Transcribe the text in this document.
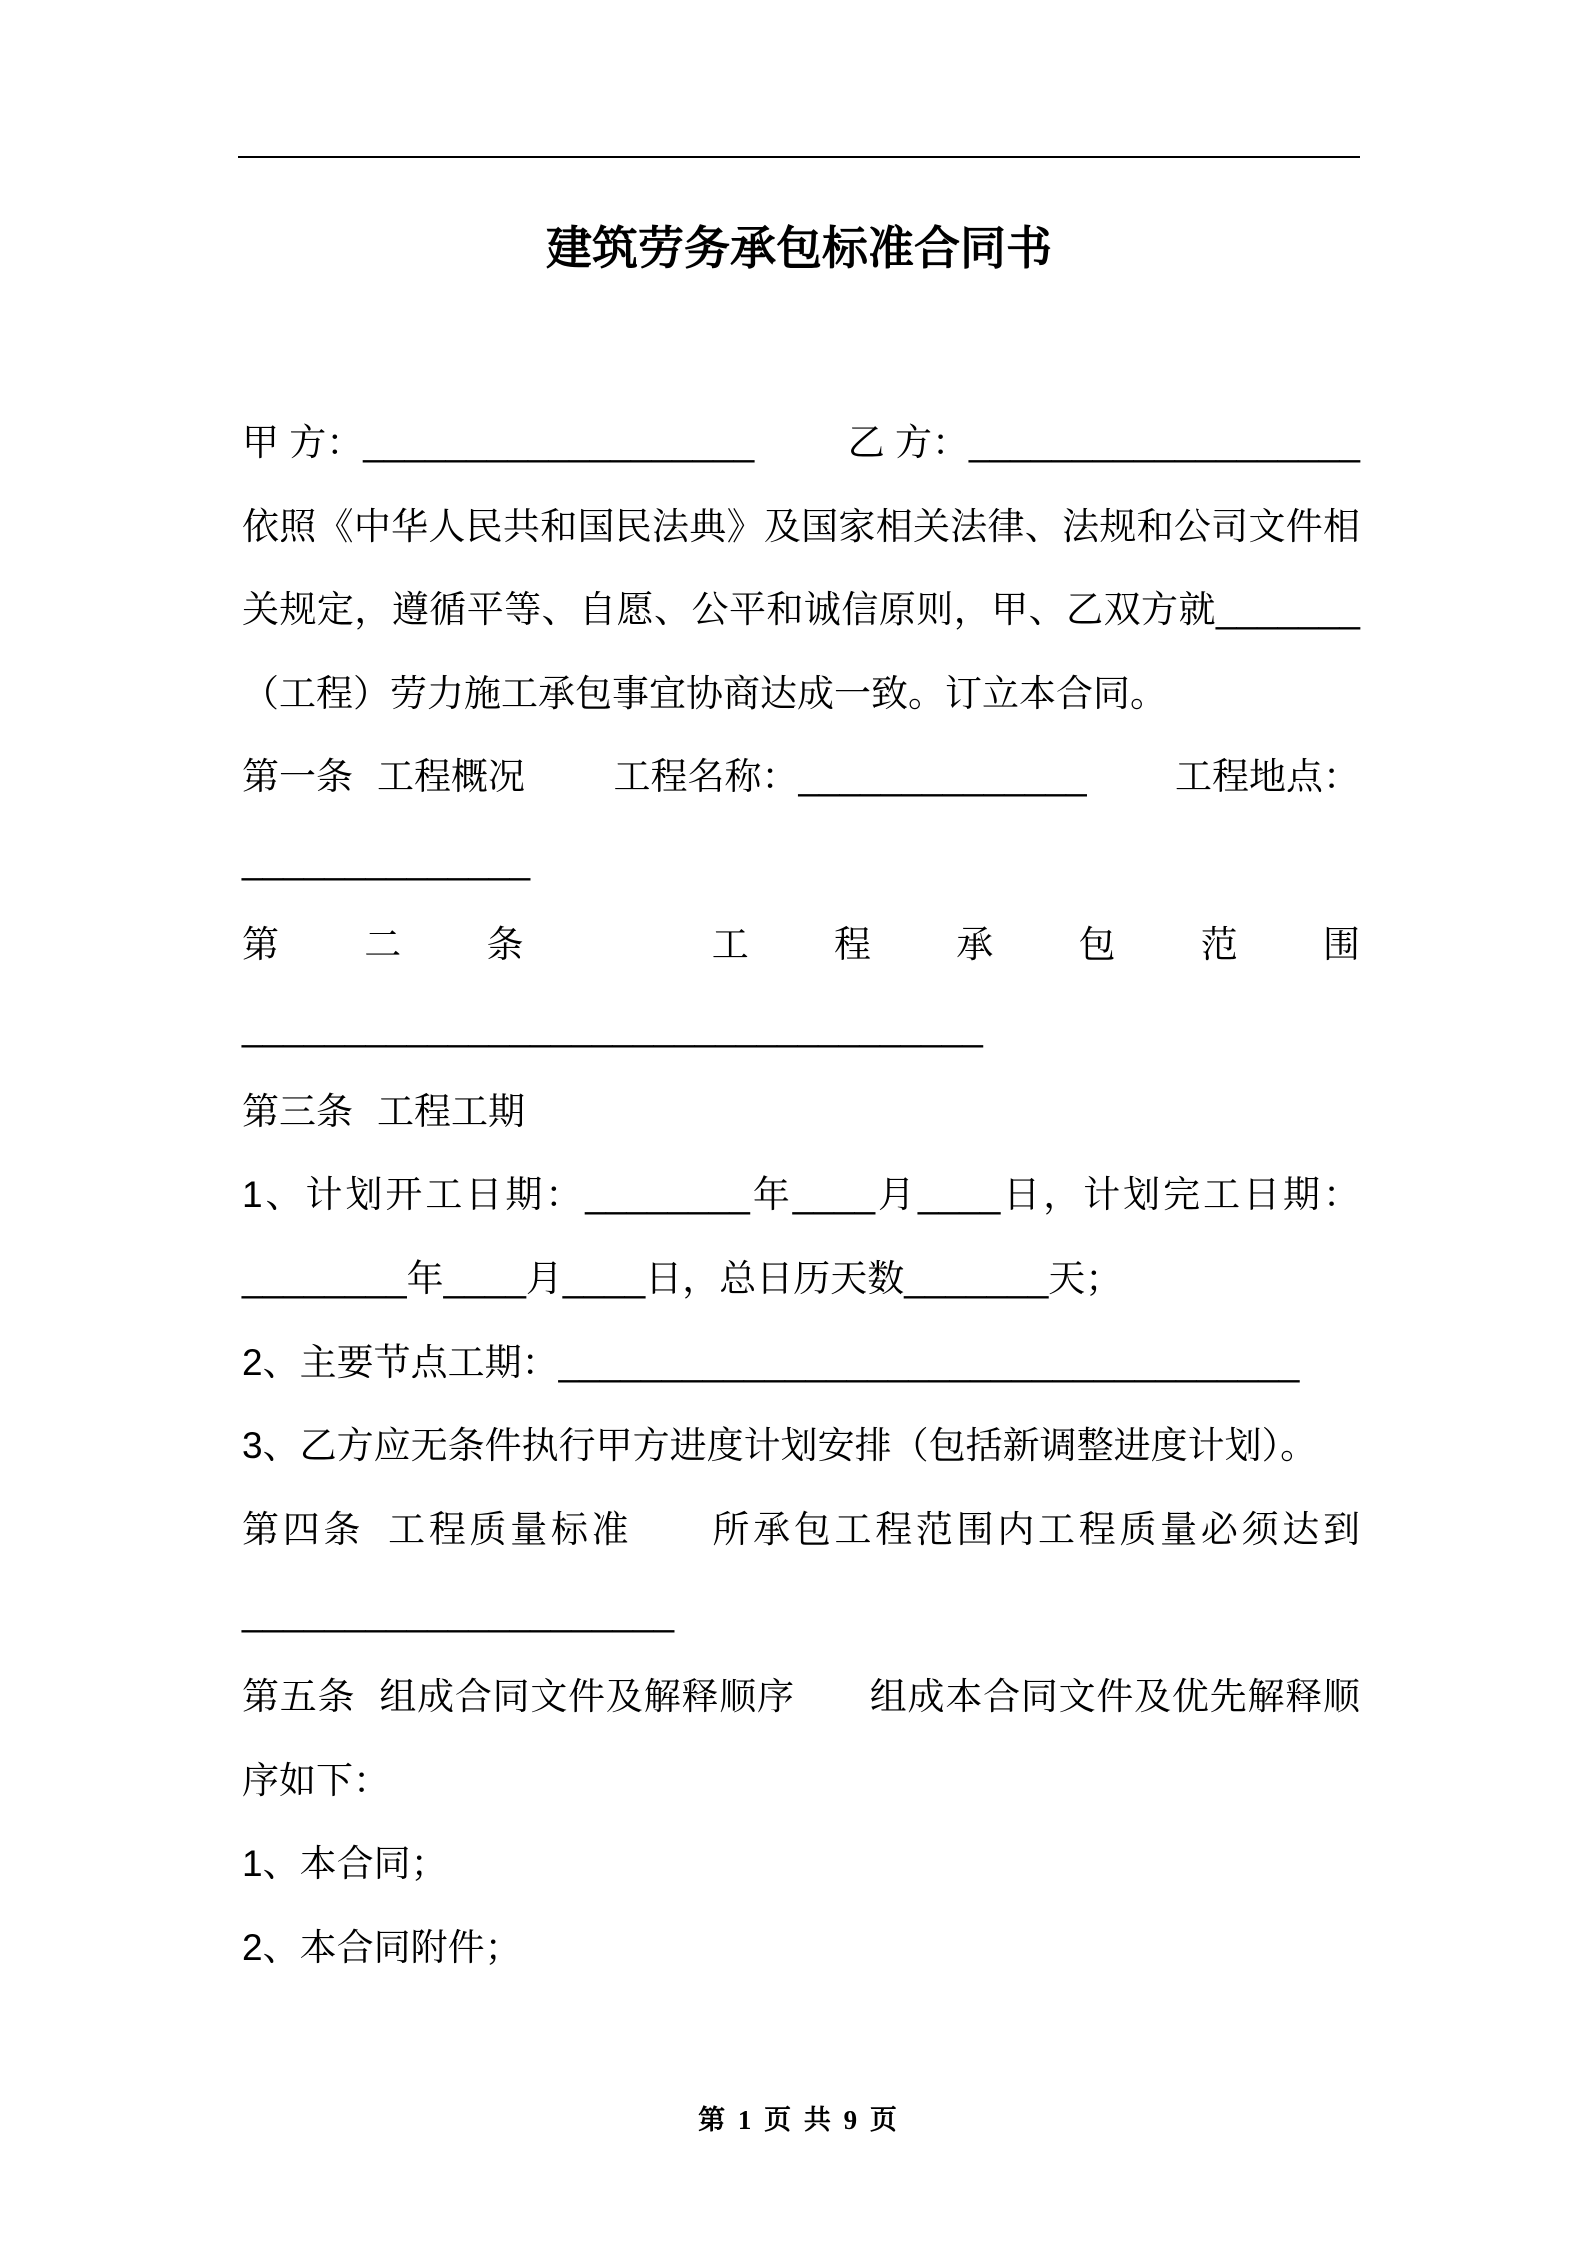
建筑劳务承包标准合同书
甲 方：___________________	乙 方：___________________
依照《中华人民共和国民法典》及国家相关法律、法规和公司文件相
关规定，遵循平等、自愿、公平和诚信原则，甲、乙双方就_______
（工程）劳力施工承包事宜协商达成一致。订立本合同。
第一条 工程概况 工程名称：______________ 工程地点：
______________
第二条	工程承包范围
____________________________________
第三条 工程工期
1、计划开工日期：________年____月____日，计划完工日期：
________年____月____日，总日历天数_______天；
2、主要节点工期：____________________________________
3、乙方应无条件执行甲方进度计划安排（包括新调整进度计划）。
第四条 工程质量标准 所承包工程范围内工程质量必须达到
_____________________
第五条 组成合同文件及解释顺序 组成本合同文件及优先解释顺
序如下：
1、本合同；
2、本合同附件；
第 1 页 共 9 页
